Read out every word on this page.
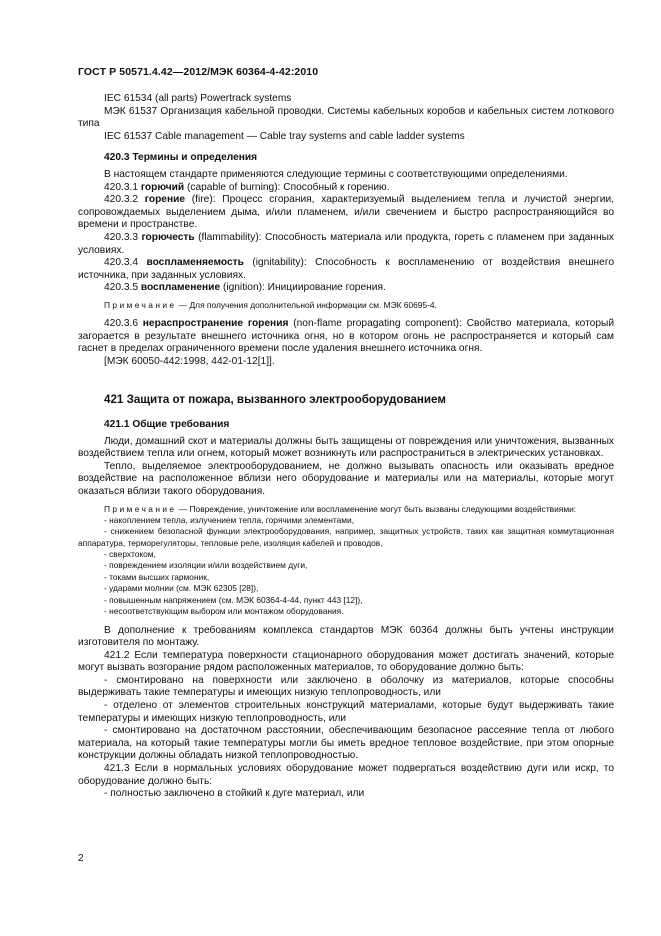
ГОСТ Р 50571.4.42—2012/МЭК 60364-4-42:2010

IEC 61534 (all parts) Powertrack systems

МЭК 61537 Организация кабельной проводки. Системы кабельных коробов и кабельных систем лоткового типа

IEC 61537 Cable management — Cable tray systems and cable ladder systems

420.3 Термины и определения

В настоящем стандарте применяются следующие термины с соответствующими определениями.

420.3.1 горючий (capable of burning): Способный к горению.

420.3.2 горение (fire): Процесс сгорания, характеризуемый выделением тепла и лучистой энергии, сопровождаемых выделением дыма, и/или пламенем, и/или свечением и быстро распространяющийся во времени и пространстве.

420.3.3 горючесть (flammability): Способность материала или продукта, гореть с пламенем при заданных условиях.

420.3.4 воспламеняемость (ignitability): Способность к воспламенению от воздействия внешнего источника, при заданных условиях.

420.3.5 воспламенение (ignition): Инициирование горения.

Примечание — Для получения дополнительной информации см. МЭК 60695-4.

420.3.6 нераспространение горения (non-flame propagating component): Свойство материала, который загорается в результате внешнего источника огня, но в котором огонь не распространяется и который сам гаснет в пределах ограниченного времени после удаления внешнего источника огня.

[МЭК 60050-442:1998, 442-01-12[1]].

421 Защита от пожара, вызванного электрооборудованием

421.1 Общие требования

Люди, домашний скот и материалы должны быть защищены от повреждения или уничтожения, вызванных воздействием тепла или огнем, который может возникнуть или распространиться в электрических установках.

Тепло, выделяемое электрооборудованием, не должно вызывать опасность или оказывать вредное воздействие на расположенное вблизи него оборудование и материалы или на материалы, которые могут оказаться вблизи такого оборудования.

Примечание — Повреждение, уничтожение или воспламенение могут быть вызваны следующими воздействиями:

- накоплением тепла, излучением тепла, горячими элементами,

- снижением безопасной функции электрооборудования, например, защитных устройств, таких как защитная коммутационная аппаратура, терморегуляторы, тепловые реле, изоляция кабелей и проводов,

- сверхтоком,

- повреждением изоляции и/или воздействием дуги,

- токами высших гармоник,

- ударами молнии (см. МЭК 62305 [28]),

- повышенным напряжением (см. МЭК 60364-4-44, пункт 443 [12]),

- несоответствующим выбором или монтажом оборудования.

В дополнение к требованиям комплекса стандартов МЭК 60364 должны быть учтены инструкции изготовителя по монтажу.

421.2 Если температура поверхности стационарного оборудования может достигать значений, которые могут вызвать возгорание рядом расположенных материалов, то оборудование должно быть:

- смонтировано на поверхности или заключено в оболочку из материалов, которые способны выдерживать такие температуры и имеющих низкую теплопроводность, или

- отделено от элементов строительных конструкций материалами, которые будут выдерживать такие температуры и имеющих низкую теплопроводность, или

- смонтировано на достаточном расстоянии, обеспечивающим безопасное рассеяние тепла от любого материала, на который такие температуры могли бы иметь вредное тепловое воздействие, при этом опорные конструкции должны обладать низкой теплопроводностью.

421.3 Если в нормальных условиях оборудование может подвергаться воздействию дуги или искр, то оборудование должно быть:

- полностью заключено в стойкий к дуге материал, или

2
